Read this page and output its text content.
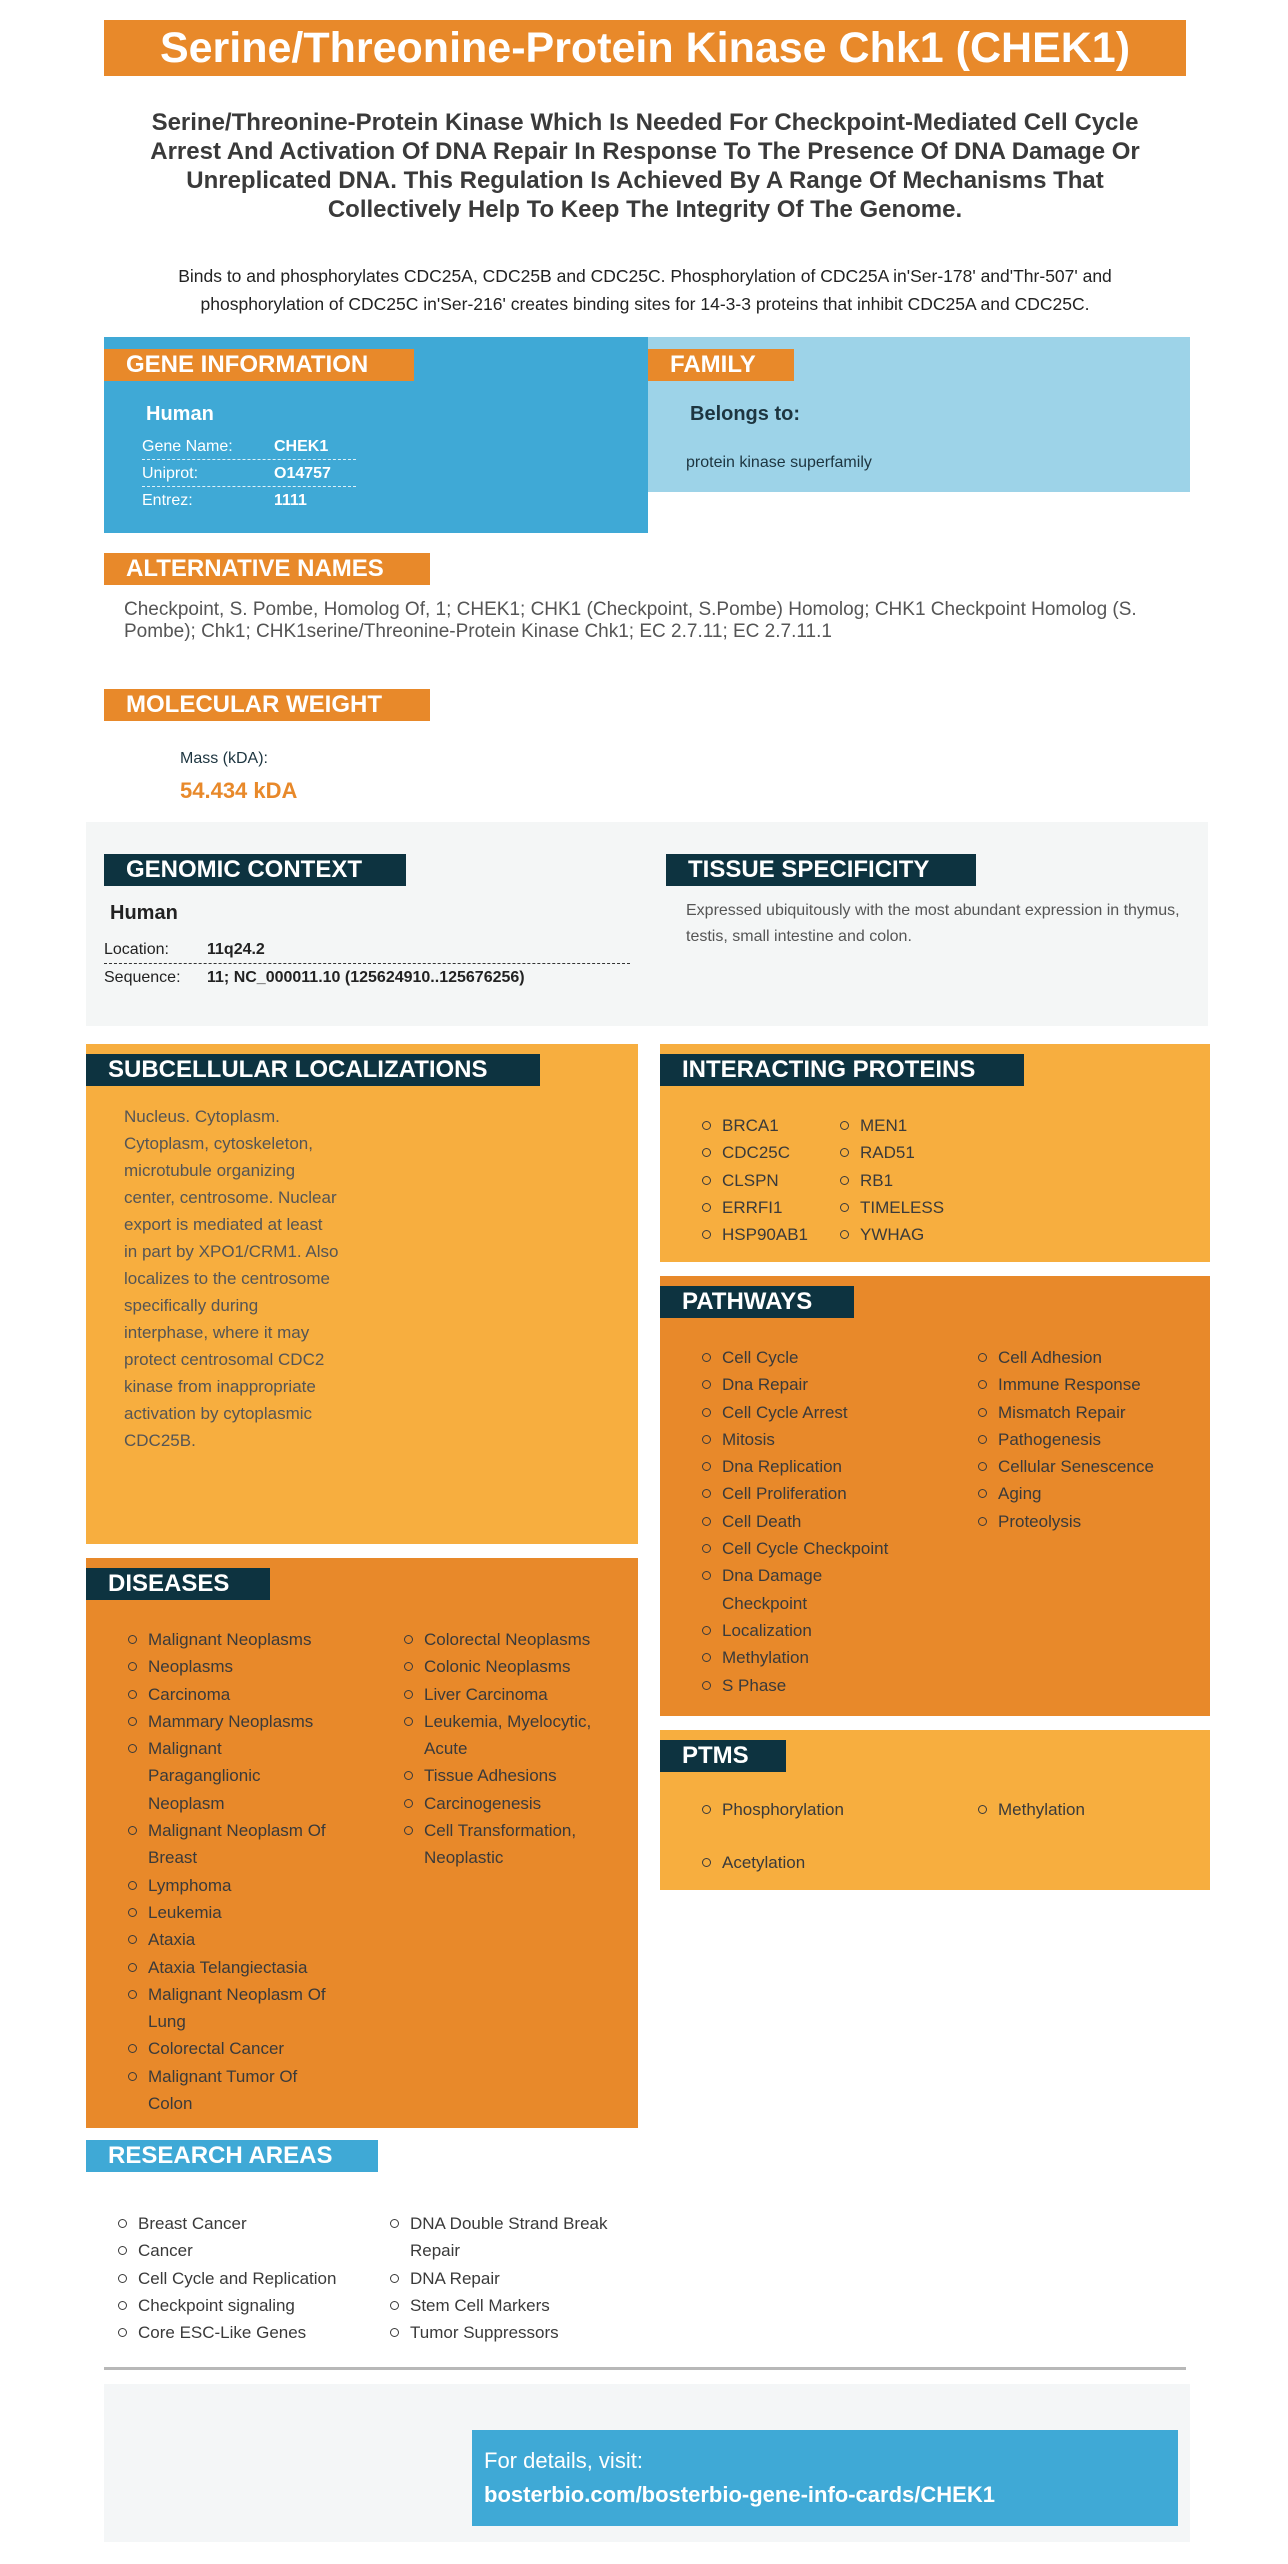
Serine/Threonine-Protein Kinase Chk1 (CHEK1)
Serine/Threonine-Protein Kinase Which Is Needed For Checkpoint-Mediated Cell Cycle Arrest And Activation Of DNA Repair In Response To The Presence Of DNA Damage Or Unreplicated DNA. This Regulation Is Achieved By A Range Of Mechanisms That Collectively Help To Keep The Integrity Of The Genome.
Binds to and phosphorylates CDC25A, CDC25B and CDC25C. Phosphorylation of CDC25A in'Ser-178' and'Thr-507' and phosphorylation of CDC25C in'Ser-216' creates binding sites for 14-3-3 proteins that inhibit CDC25A and CDC25C.
GENE INFORMATION
Human
Gene Name:	CHEK1
Uniprot:	O14757
Entrez:	1111
FAMILY
Belongs to:
protein kinase superfamily
ALTERNATIVE NAMES
Checkpoint, S. Pombe, Homolog Of, 1; CHEK1; CHK1 (Checkpoint, S.Pombe) Homolog; CHK1 Checkpoint Homolog (S. Pombe); Chk1; CHK1serine/Threonine-Protein Kinase Chk1; EC 2.7.11; EC 2.7.11.1
MOLECULAR WEIGHT
Mass (kDA):
54.434 kDA
GENOMIC CONTEXT
Human
Location:	11q24.2
Sequence:	11; NC_000011.10 (125624910..125676256)
TISSUE SPECIFICITY
Expressed ubiquitously with the most abundant expression in thymus, testis, small intestine and colon.
SUBCELLULAR LOCALIZATIONS
Nucleus. Cytoplasm. Cytoplasm, cytoskeleton, microtubule organizing center, centrosome. Nuclear export is mediated at least in part by XPO1/CRM1. Also localizes to the centrosome specifically during interphase, where it may protect centrosomal CDC2 kinase from inappropriate activation by cytoplasmic CDC25B.
INTERACTING PROTEINS
BRCA1
CDC25C
CLSPN
ERRFI1
HSP90AB1
MEN1
RAD51
RB1
TIMELESS
YWHAG
PATHWAYS
Cell Cycle
Dna Repair
Cell Cycle Arrest
Mitosis
Dna Replication
Cell Proliferation
Cell Death
Cell Cycle Checkpoint
Dna Damage Checkpoint
Localization
Methylation
S Phase
Cell Adhesion
Immune Response
Mismatch Repair
Pathogenesis
Cellular Senescence
Aging
Proteolysis
DISEASES
Malignant Neoplasms
Neoplasms
Carcinoma
Mammary Neoplasms
Malignant Paraganglionic Neoplasm
Malignant Neoplasm Of Breast
Lymphoma
Leukemia
Ataxia
Ataxia Telangiectasia
Malignant Neoplasm Of Lung
Colorectal Cancer
Malignant Tumor Of Colon
Colorectal Neoplasms
Colonic Neoplasms
Liver Carcinoma
Leukemia, Myelocytic, Acute
Tissue Adhesions
Carcinogenesis
Cell Transformation, Neoplastic
PTMS
Phosphorylation
Acetylation
Methylation
RESEARCH AREAS
Breast Cancer
Cancer
Cell Cycle and Replication
Checkpoint signaling
Core ESC-Like Genes
DNA Double Strand Break Repair
DNA Repair
Stem Cell Markers
Tumor Suppressors
For details, visit:
bosterbio.com/bosterbio-gene-info-cards/CHEK1
